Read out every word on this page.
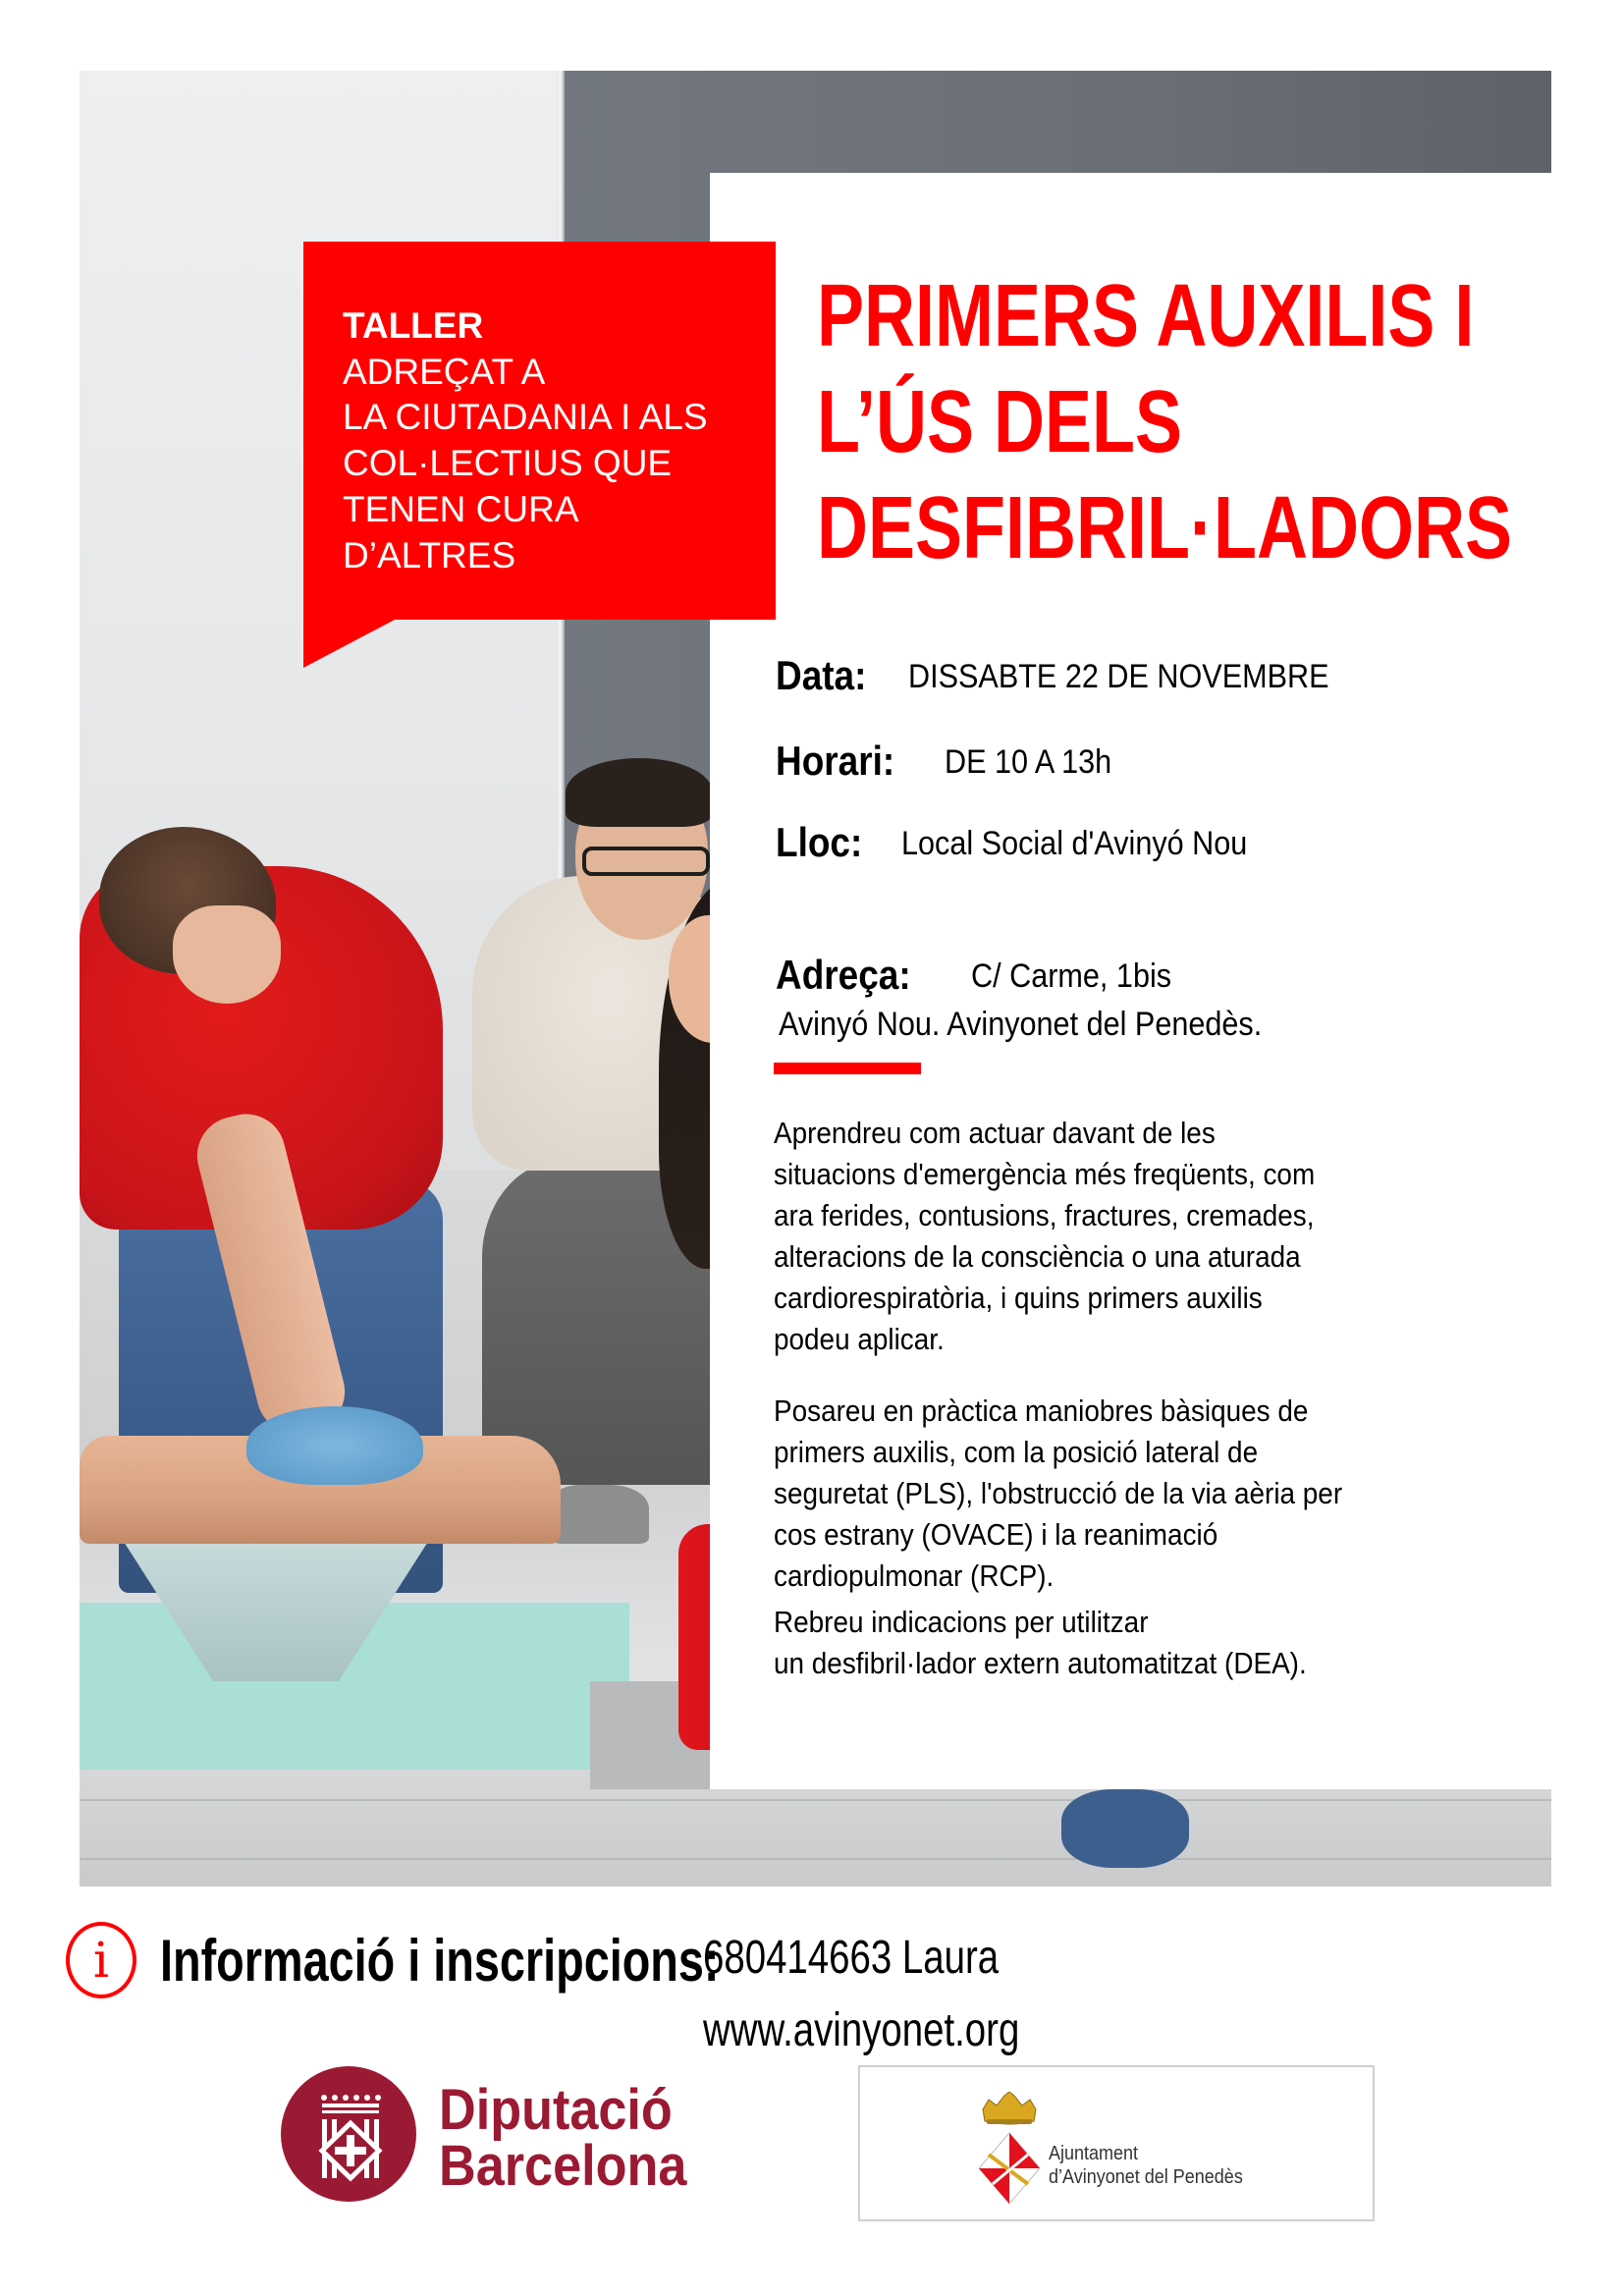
TALLER
ADREÇAT A
LA CIUTADANIA I ALS
COL·LECTIUS QUE
TENEN CURA
D’ALTRES
PRIMERS AUXILIS I
L’ÚS DELS
DESFIBRIL·LADORS
Data: DISSABTE 22 DE NOVEMBRE
Horari: DE 10 A 13h
Lloc: Local Social d'Avinyó Nou
Adreça: C/ Carme, 1bis
Avinyó Nou. Avinyonet del Penedès.
Aprendreu com actuar davant de les
situacions d'emergència més freqüents, com
ara ferides, contusions, fractures, cremades,
alteracions de la consciència o una aturada
cardiorespiratòria, i quins primers auxilis
podeu aplicar.
Posareu en pràctica maniobres bàsiques de
primers auxilis, com la posició lateral de
seguretat (PLS), l'obstrucció de la via aèria per
cos estrany (OVACE) i la reanimació
cardiopulmonar (RCP).
Rebreu indicacions per utilitzar
un desfibril·lador extern automatitzat (DEA).
i Informació i inscripcions:
680414663 Laura
www.avinyonet.org
Diputació
Barcelona	Ajuntament
d’Avinyonet del Penedès
